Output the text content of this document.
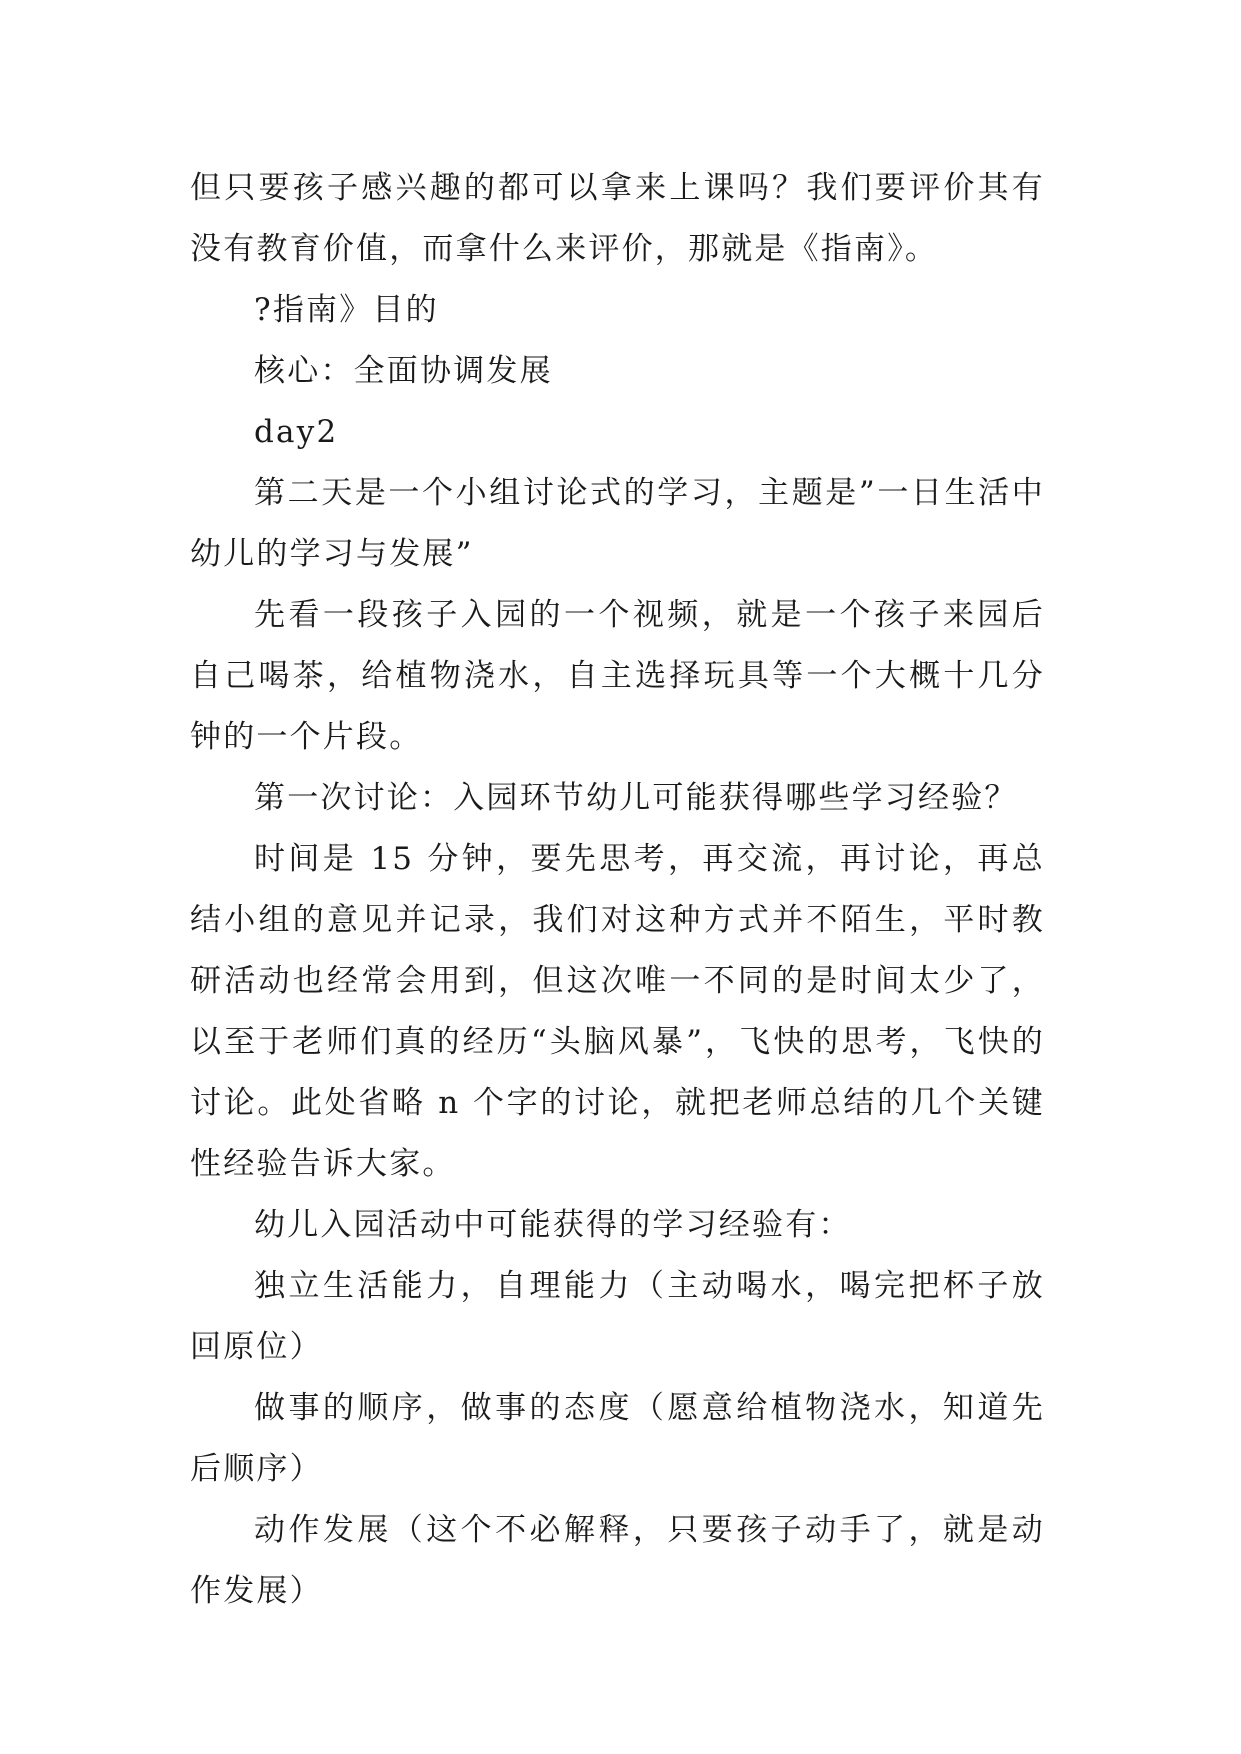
但只要孩子感兴趣的都可以拿来上课吗？我们要评价其有没有教育价值，而拿什么来评价，那就是《指南》。

?指南》目的

核心：全面协调发展

day2

第二天是一个小组讨论式的学习，主题是”一日生活中幼儿的学习与发展”

先看一段孩子入园的一个视频，就是一个孩子来园后自己喝茶，给植物浇水，自主选择玩具等一个大概十几分钟的一个片段。

第一次讨论：入园环节幼儿可能获得哪些学习经验？

时间是 15 分钟，要先思考，再交流，再讨论，再总结小组的意见并记录，我们对这种方式并不陌生，平时教研活动也经常会用到，但这次唯一不同的是时间太少了，以至于老师们真的经历“头脑风暴”，飞快的思考，飞快的讨论。此处省略 n 个字的讨论，就把老师总结的几个关键性经验告诉大家。

幼儿入园活动中可能获得的学习经验有：

独立生活能力，自理能力（主动喝水，喝完把杯子放回原位）

做事的顺序，做事的态度（愿意给植物浇水，知道先后顺序）

动作发展（这个不必解释，只要孩子动手了，就是动作发展）
